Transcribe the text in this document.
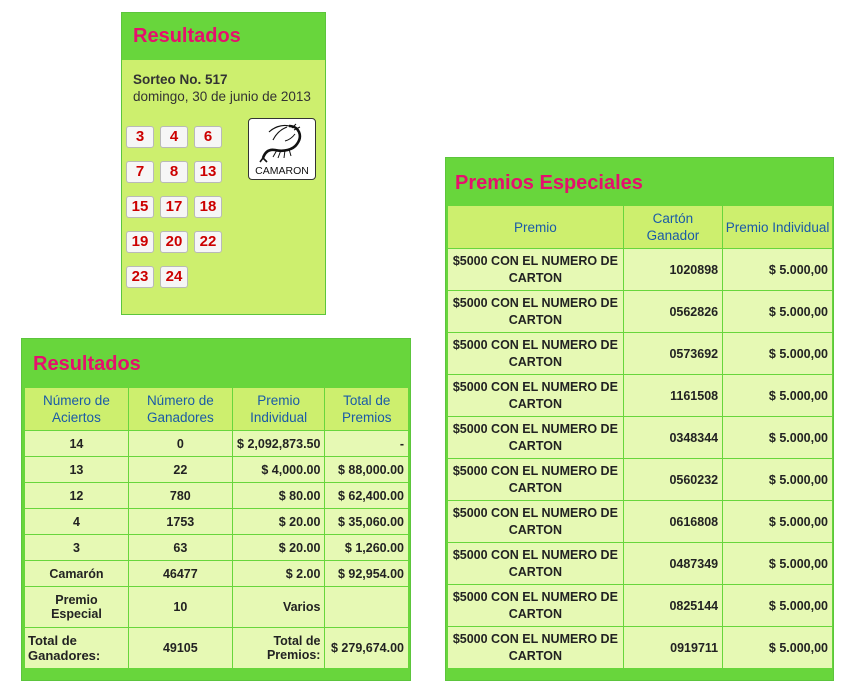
Resultados
Sorteo No. 517
domingo, 30 de junio de 2013
3	4	6
7	8	13
15	17	18
19	20	22
23	24
CAMARON
Resultados
Número de Aciertos	Número de Ganadores	Premio Individual	Total de Premios
14	0	$ 2,092,873.50	-
13	22	$ 4,000.00	$ 88,000.00
12	780	$ 80.00	$ 62,400.00
4	1753	$ 20.00	$ 35,060.00
3	63	$ 20.00	$ 1,260.00
Camarón	46477	$ 2.00	$ 92,954.00
Premio Especial	10	Varios	
Total de Ganadores:	49105	Total de Premios:	$ 279,674.00
Premios Especiales
Premio	Cartón Ganador	Premio Individual
$5000 CON EL NUMERO DE CARTON	1020898	$ 5.000,00
$5000 CON EL NUMERO DE CARTON	0562826	$ 5.000,00
$5000 CON EL NUMERO DE CARTON	0573692	$ 5.000,00
$5000 CON EL NUMERO DE CARTON	1161508	$ 5.000,00
$5000 CON EL NUMERO DE CARTON	0348344	$ 5.000,00
$5000 CON EL NUMERO DE CARTON	0560232	$ 5.000,00
$5000 CON EL NUMERO DE CARTON	0616808	$ 5.000,00
$5000 CON EL NUMERO DE CARTON	0487349	$ 5.000,00
$5000 CON EL NUMERO DE CARTON	0825144	$ 5.000,00
$5000 CON EL NUMERO DE CARTON	0919711	$ 5.000,00
